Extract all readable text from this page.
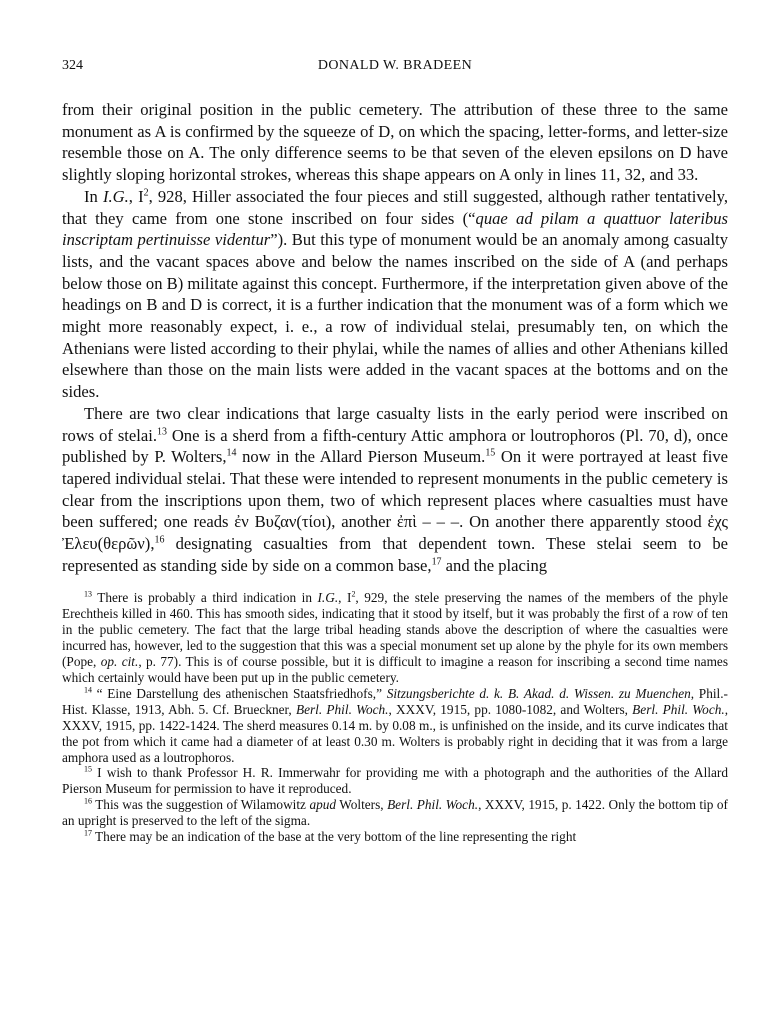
324	DONALD W. BRADEEN

from their original position in the public cemetery. The attribution of these three to the same monument as A is confirmed by the squeeze of D, on which the spacing, letter-forms, and letter-size resemble those on A. The only difference seems to be that seven of the eleven epsilons on D have slightly sloping horizontal strokes, whereas this shape appears on A only in lines 11, 32, and 33.

In I.G., $I^2$, 928, Hiller associated the four pieces and still suggested, although rather tentatively, that they came from one stone inscribed on four sides (“quae ad pilam a quattuor lateribus inscriptam pertinuisse videntur”). But this type of monument would be an anomaly among casualty lists, and the vacant spaces above and below the names inscribed on the side of A (and perhaps below those on B) militate against this concept. Furthermore, if the interpretation given above of the headings on B and D is correct, it is a further indication that the monument was of a form which we might more reasonably expect, i. e., a row of individual stelai, presumably ten, on which the Athenians were listed according to their phylai, while the names of allies and other Athenians killed elsewhere than those on the main lists were added in the vacant spaces at the bottoms and on the sides.

There are two clear indications that large casualty lists in the early period were inscribed on rows of stelai.$^{13}$ One is a sherd from a fifth-century Attic amphora or loutrophoros (Pl. 70, d), once published by P. Wolters,$^{14}$ now in the Allard Pierson Museum.$^{15}$ On it were portrayed at least five tapered individual stelai. That these were intended to represent monuments in the public cemetery is clear from the inscriptions upon them, two of which represent places where casualties must have been suffered; one reads ἐν Βυζαν(τίοι), another ἐπὶ – – –. On another there apparently stood ἐχς Ἐλευ(θερῶν),$^{16}$ designating casualties from that dependent town. These stelai seem to be represented as standing side by side on a common base,$^{17}$ and the placing

$^{13}$ There is probably a third indication in I.G., $I^2$, 929, the stele preserving the names of the members of the phyle Erechtheis killed in 460. This has smooth sides, indicating that it stood by itself, but it was probably the first of a row of ten in the public cemetery. The fact that the large tribal heading stands above the description of where the casualties were incurred has, however, led to the suggestion that this was a special monument set up alone by the phyle for its own members (Pope, op. cit., p. 77). This is of course possible, but it is difficult to imagine a reason for inscribing a second time names which certainly would have been put up in the public cemetery.

$^{14}$ “ Eine Darstellung des athenischen Staatsfriedhofs,” Sitzungsberichte d. k. B. Akad. d. Wissen. zu Muenchen, Phil.-Hist. Klasse, 1913, Abh. 5. Cf. Brueckner, Berl. Phil. Woch., XXXV, 1915, pp. 1080-1082, and Wolters, Berl. Phil. Woch., XXXV, 1915, pp. 1422-1424. The sherd measures 0.14 m. by 0.08 m., is unfinished on the inside, and its curve indicates that the pot from which it came had a diameter of at least 0.30 m. Wolters is probably right in deciding that it was from a large amphora used as a loutrophoros.

$^{15}$ I wish to thank Professor H. R. Immerwahr for providing me with a photograph and the authorities of the Allard Pierson Museum for permission to have it reproduced.

$^{16}$ This was the suggestion of Wilamowitz apud Wolters, Berl. Phil. Woch., XXXV, 1915, p. 1422. Only the bottom tip of an upright is preserved to the left of the sigma.

$^{17}$ There may be an indication of the base at the very bottom of the line representing the right
